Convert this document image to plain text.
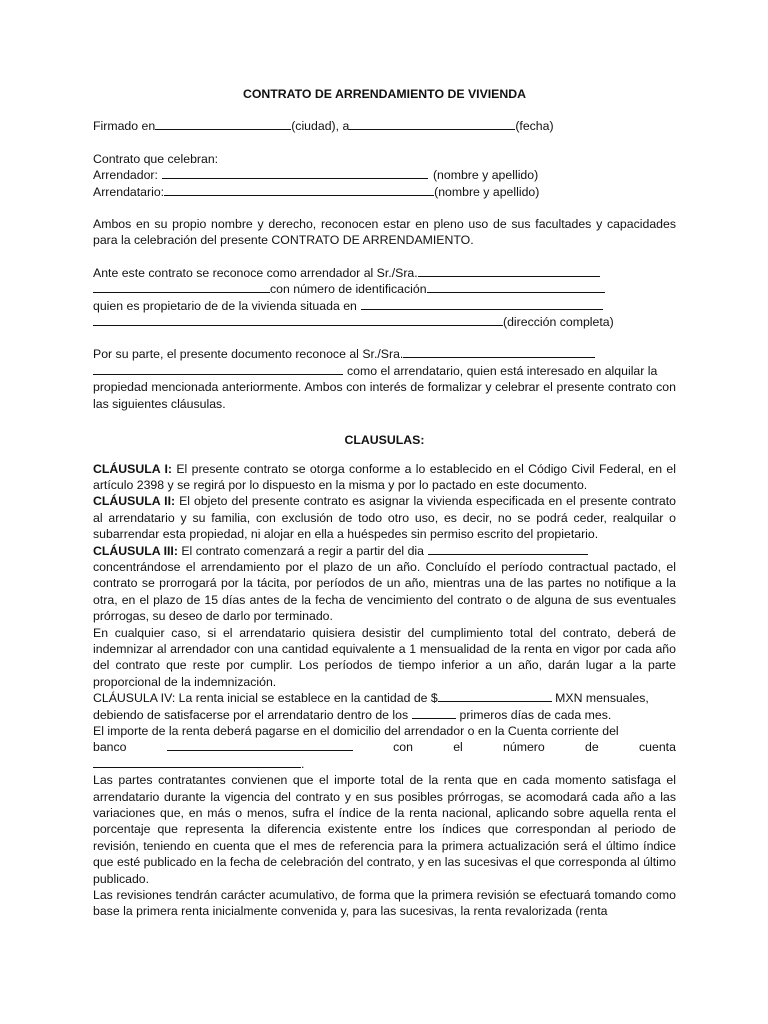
CONTRATO DE ARRENDAMIENTO DE VIVIENDA
Firmado en	(ciudad), a	(fecha)
Contrato que celebran:
Arrendador:	(nombre y apellido)
Arrendatario:	(nombre y apellido)

Ambos en su propio nombre y derecho, reconocen estar en pleno uso de sus facultades y capacidades para la celebración del presente CONTRATO DE ARRENDAMIENTO.

Ante este contrato se reconoce como arrendador al Sr./Sra.
con número de identificación
quien es propietario de de la vivienda situada en
(dirección completa)
Por su parte, el presente documento reconoce al Sr./Sra.
como el arrendatario, quien está interesado en alquilar la

propiedad mencionada anteriormente. Ambos con interés de formalizar y celebrar el presente contrato con las siguientes cláusulas.

CLAUSULAS:

CLÁUSULA I: El presente contrato se otorga conforme a lo establecido en el Código Civil Federal, en el artículo 2398 y se regirá por lo dispuesto en la misma y por lo pactado en este documento.

CLÁUSULA II: El objeto del presente contrato es asignar la vivienda especificada en el presente contrato al arrendatario y su familia, con exclusión de todo otro uso, es decir, no se podrá ceder, realquilar o subarrendar esta propiedad, ni alojar en ella a huéspedes sin permiso escrito del propietario.

CLÁUSULA III: El contrato comenzará a regir a partir del dia

concentrándose el arrendamiento por el plazo de un año. Concluído el período contractual pactado, el contrato se prorrogará por la tácita, por períodos de un año, mientras una de las partes no notifique a la otra, en el plazo de 15 días antes de la fecha de vencimiento del contrato o de alguna de sus eventuales prórrogas, su deseo de darlo por terminado.

En cualquier caso, si el arrendatario quisiera desistir del cumplimiento total del contrato, deberá de indemnizar al arrendador con una cantidad equivalente a 1 mensualidad de la renta en vigor por cada año del contrato que reste por cumplir. Los períodos de tiempo inferior a un año, darán lugar a la parte proporcional de la indemnización.

CLÁUSULA IV: La renta inicial se establece en la cantidad de $	MXN mensuales,
debiendo de satisfacerse por el arrendatario dentro de los	primeros días de cada mes.
El importe de la renta deberá pagarse en el domicilio del arrendador o en la Cuenta corriente del
banco	con	el	número	de	cuenta
.

Las partes contratantes convienen que el importe total de la renta que en cada momento satisfaga el arrendatario durante la vigencia del contrato y en sus posibles prórrogas, se acomodará cada año a las variaciones que, en más o menos, sufra el índice de la renta nacional, aplicando sobre aquella renta el porcentaje que representa la diferencia existente entre los índices que correspondan al periodo de revisión, teniendo en cuenta que el mes de referencia para la primera actualización será el último índice que esté publicado en la fecha de celebración del contrato, y en las sucesivas el que corresponda al último publicado.

Las revisiones tendrán carácter acumulativo, de forma que la primera revisión se efectuará tomando como base la primera renta inicialmente convenida y, para las sucesivas, la renta revalorizada (renta
